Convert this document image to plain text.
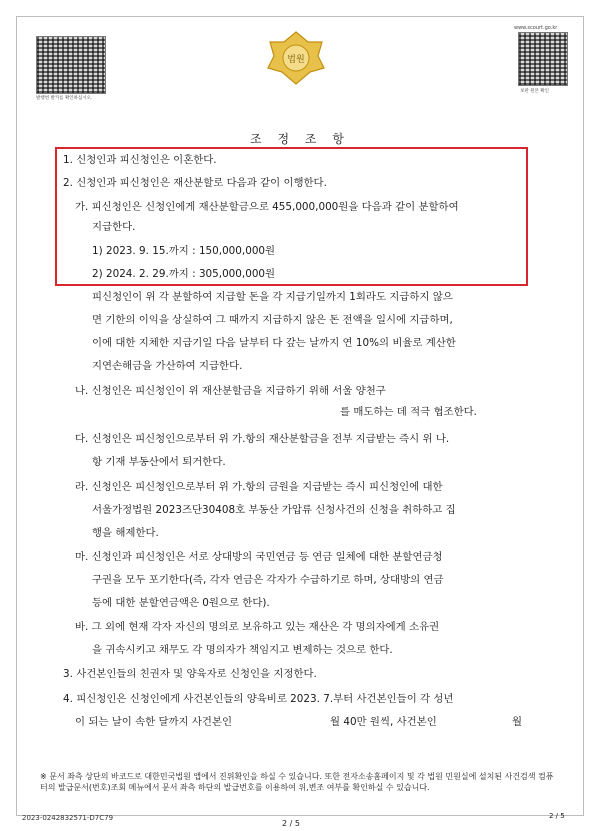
발행번 발카를 확인하십시오.
www.scourt.go.kr
보관 원본 확인
법원
조 정 조 항
1. 신청인과 피신청인은 이혼한다.
2. 신청인과 피신청인은 재산분할로 다음과 같이 이행한다.
가. 피신청인은 신청인에게 재산분할금으로 455,000,000원을 다음과 같이 분할하여
지급한다.
1) 2023. 9. 15.까지 : 150,000,000원
2) 2024. 2. 29.까지 : 305,000,000원
피신청인이 위 각 분할하여 지급할 돈을 각 지급기일까지 1회라도 지급하지 않으
면 기한의 이익을 상실하여 그 때까지 지급하지 않은 돈 전액을 일시에 지급하며,
이에 대한 지체한 지급기일 다음 날부터 다 갚는 날까지 연 10%의 비율로 계산한
지연손해금을 가산하여 지급한다.
나. 신청인은 피신청인이 위 재산분할금을 지급하기 위해 서울 양천구
를 매도하는 데 적극 협조한다.
다. 신청인은 피신청인으로부터 위 가.항의 재산분할금을 전부 지급받는 즉시 위 나.
항 기재 부동산에서 퇴거한다.
라. 신청인은 피신청인으로부터 위 가.항의 금원을 지급받는 즉시 피신청인에 대한
서울가정법원 2023즈단30408호 부동산 가압류 신청사건의 신청을 취하하고 집
행을 해제한다.
마. 신청인과 피신청인은 서로 상대방의 국민연금 등 연금 일체에 대한 분할연금청
구권을 모두 포기한다(즉, 각자 연금은 각자가 수급하기로 하며, 상대방의 연금
등에 대한 분할연금액은 0원으로 한다).
바. 그 외에 현재 각자 자신의 명의로 보유하고 있는 재산은 각 명의자에게 소유권
을 귀속시키고 채무도 각 명의자가 책임지고 변제하는 것으로 한다.
3. 사건본인들의 친권자 및 양육자로 신청인을 지정한다.
4. 피신청인은 신청인에게 사건본인들의 양육비로 2023. 7.부터 사건본인들이 각 성년
이 되는 날이 속한 달까지 사건본인	월 40만 원씩, 사건본인	월
※ 문서 좌측 상단의 바코드로 대한민국법원 앱에서 진위확인을 하실 수 있습니다. 또한 전자소송홈페이지 및 각 법원 민원실에 설치된 사건검색 컴퓨터의 발급문서(번호)조회 메뉴에서 문서 좌측 하단의 발급번호를 이용하여 위,변조 여부를 확인하실 수 있습니다.
2023-0242832571-D7C79
2 / 5
2 / 5
